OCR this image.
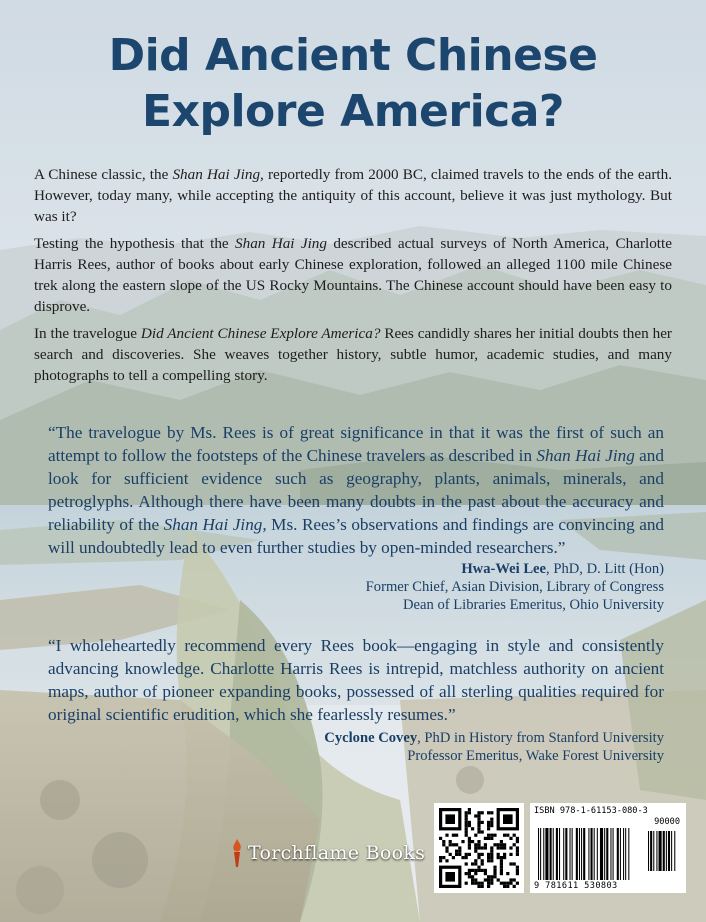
Did Ancient Chinese
Explore America?

A Chinese classic, the Shan Hai Jing, reportedly from 2000 BC, claimed travels to the ends of the earth. However, today many, while accepting the antiquity of this account, believe it was just mythology. But was it?

Testing the hypothesis that the Shan Hai Jing described actual surveys of North America, Charlotte Harris Rees, author of books about early Chinese exploration, followed an alleged 1100 mile Chinese trek along the eastern slope of the US Rocky Mountains. The Chinese account should have been easy to disprove.

In the travelogue Did Ancient Chinese Explore America? Rees candidly shares her initial doubts then her search and discoveries. She weaves together history, subtle humor, academic studies, and many photographs to tell a compelling story.

“The travelogue by Ms. Rees is of great significance in that it was the first of such an attempt to follow the footsteps of the Chinese travelers as described in Shan Hai Jing and look for sufficient evidence such as geography, plants, animals, minerals, and petroglyphs. Although there have been many doubts in the past about the accuracy and reliability of the Shan Hai Jing, Ms. Rees’s observations and findings are convincing and will undoubtedly lead to even further studies by open-minded researchers.”

Hwa-Wei Lee, PhD, D. Litt (Hon)
Former Chief, Asian Division, Library of Congress
Dean of Libraries Emeritus, Ohio University

“I wholeheartedly recommend every Rees book—engaging in style and consistently advancing knowledge. Charlotte Harris Rees is intrepid, matchless authority on ancient maps, author of pioneer expanding books, possessed of all sterling qualities required for original scientific erudition, which she fearlessly resumes.”

Cyclone Covey, PhD in History from Stanford University
Professor Emeritus, Wake Forest University
Torchflame Books
ISBN 978-1-61153-080-3
90000
9 781611 530803
